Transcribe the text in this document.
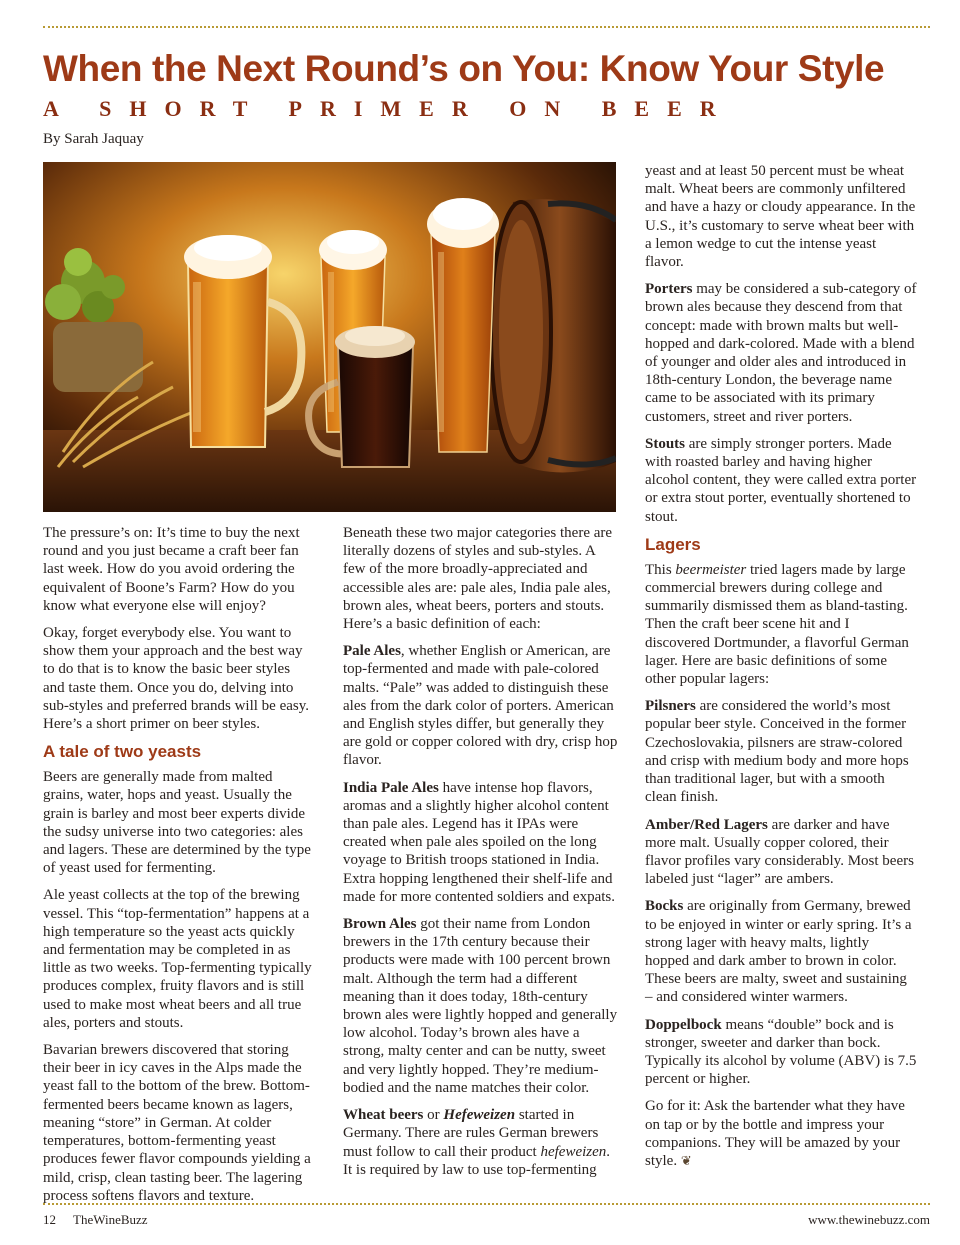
When the Next Round’s on You: Know Your Style
A SHORT PRIMER ON BEER
By Sarah Jaquay

The pressure’s on: It’s time to buy the next round and you just became a craft beer fan last week. How do you avoid ordering the equivalent of Boone’s Farm? How do you know what everyone else will enjoy?

Okay, forget everybody else. You want to show them your approach and the best way to do that is to know the basic beer styles and taste them. Once you do, delving into sub-styles and preferred brands will be easy. Here’s a short primer on beer styles.

A tale of two yeasts

Beers are generally made from malted grains, water, hops and yeast. Usually the grain is barley and most beer experts divide the sudsy universe into two categories: ales and lagers. These are determined by the type of yeast used for fermenting.

Ale yeast collects at the top of the brewing vessel. This “top-fermentation” happens at a high temperature so the yeast acts quickly and fermentation may be completed in as little as two weeks. Top-fermenting typically produces complex, fruity flavors and is still used to make most wheat beers and all true ales, porters and stouts.

Bavarian brewers discovered that storing their beer in icy caves in the Alps made the yeast fall to the bottom of the brew. Bottom-fermented beers became known as lagers, meaning “store” in German. At colder temperatures, bottom-fermenting yeast produces fewer flavor compounds yielding a mild, crisp, clean tasting beer. The lagering process softens flavors and texture.

Beneath these two major categories there are literally dozens of styles and sub-styles. A few of the more broadly-appreciated and accessible ales are: pale ales, India pale ales, brown ales, wheat beers, porters and stouts. Here’s a basic definition of each:

Pale Ales, whether English or American, are top-fermented and made with pale-colored malts. “Pale” was added to distinguish these ales from the dark color of porters. American and English styles differ, but generally they are gold or copper colored with dry, crisp hop flavor.

India Pale Ales have intense hop flavors, aromas and a slightly higher alcohol content than pale ales. Legend has it IPAs were created when pale ales spoiled on the long voyage to British troops stationed in India. Extra hopping lengthened their shelf-life and made for more contented soldiers and expats.

Brown Ales got their name from London brewers in the 17th century because their products were made with 100 percent brown malt. Although the term had a different meaning than it does today, 18th-century brown ales were lightly hopped and generally low alcohol. Today’s brown ales have a strong, malty center and can be nutty, sweet and very lightly hopped. They’re medium-bodied and the name matches their color.

Wheat beers or Hefeweizen started in Germany. There are rules German brewers must follow to call their product hefeweizen. It is required by law to use top-fermenting

yeast and at least 50 percent must be wheat malt. Wheat beers are commonly unfiltered and have a hazy or cloudy appearance. In the U.S., it’s customary to serve wheat beer with a lemon wedge to cut the intense yeast flavor.

Porters may be considered a sub-category of brown ales because they descend from that concept: made with brown malts but well-hopped and dark-colored. Made with a blend of younger and older ales and introduced in 18th-century London, the beverage name came to be associated with its primary customers, street and river porters.

Stouts are simply stronger porters. Made with roasted barley and having higher alcohol content, they were called extra porter or extra stout porter, eventually shortened to stout.

Lagers

This beermeister tried lagers made by large commercial brewers during college and summarily dismissed them as bland-tasting. Then the craft beer scene hit and I discovered Dortmunder, a flavorful German lager. Here are basic definitions of some other popular lagers:

Pilsners are considered the world’s most popular beer style. Conceived in the former Czechoslovakia, pilsners are straw-colored and crisp with medium body and more hops than traditional lager, but with a smooth clean finish.

Amber/Red Lagers are darker and have more malt. Usually copper colored, their flavor profiles vary considerably. Most beers labeled just “lager” are ambers.

Bocks are originally from Germany, brewed to be enjoyed in winter or early spring. It’s a strong lager with heavy malts, lightly hopped and dark amber to brown in color. These beers are malty, sweet and sustaining – and considered winter warmers.

Doppelbock means “double” bock and is stronger, sweeter and darker than bock. Typically its alcohol by volume (ABV) is 7.5 percent or higher.

Go for it: Ask the bartender what they have on tap or by the bottle and impress your companions. They will be amazed by your style. ❦

12 TheWineBuzz	www.thewinebuzz.com
